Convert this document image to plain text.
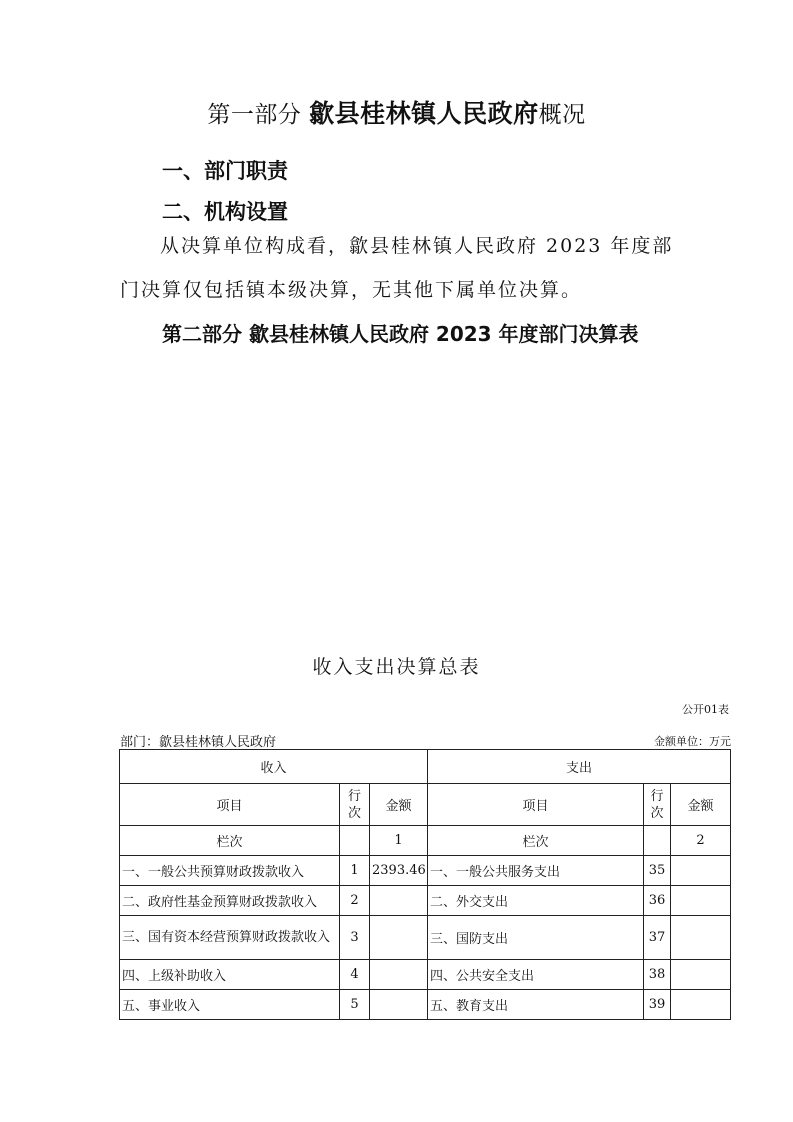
第一部分 歙县桂林镇人民政府概况
一、部门职责
二、机构设置
从决算单位构成看，歙县桂林镇人民政府 2023 年度部
门决算仅包括镇本级决算，无其他下属单位决算。
第二部分 歙县桂林镇人民政府 2023 年度部门决算表
收入支出决算总表
公开01表
部门：歙县桂林镇人民政府	金额单位：万元
收入			支出		
项目	行次	金额	项目	行次	金额
栏次		1	栏次		2
一、一般公共预算财政拨款收入	1	2393.46	一、一般公共服务支出	35	
二、政府性基金预算财政拨款收入	2		二、外交支出	36	
三、国有资本经营预算财政拨款收入	3		三、国防支出	37	
四、上级补助收入	4		四、公共安全支出	38	
五、事业收入	5		五、教育支出	39	
